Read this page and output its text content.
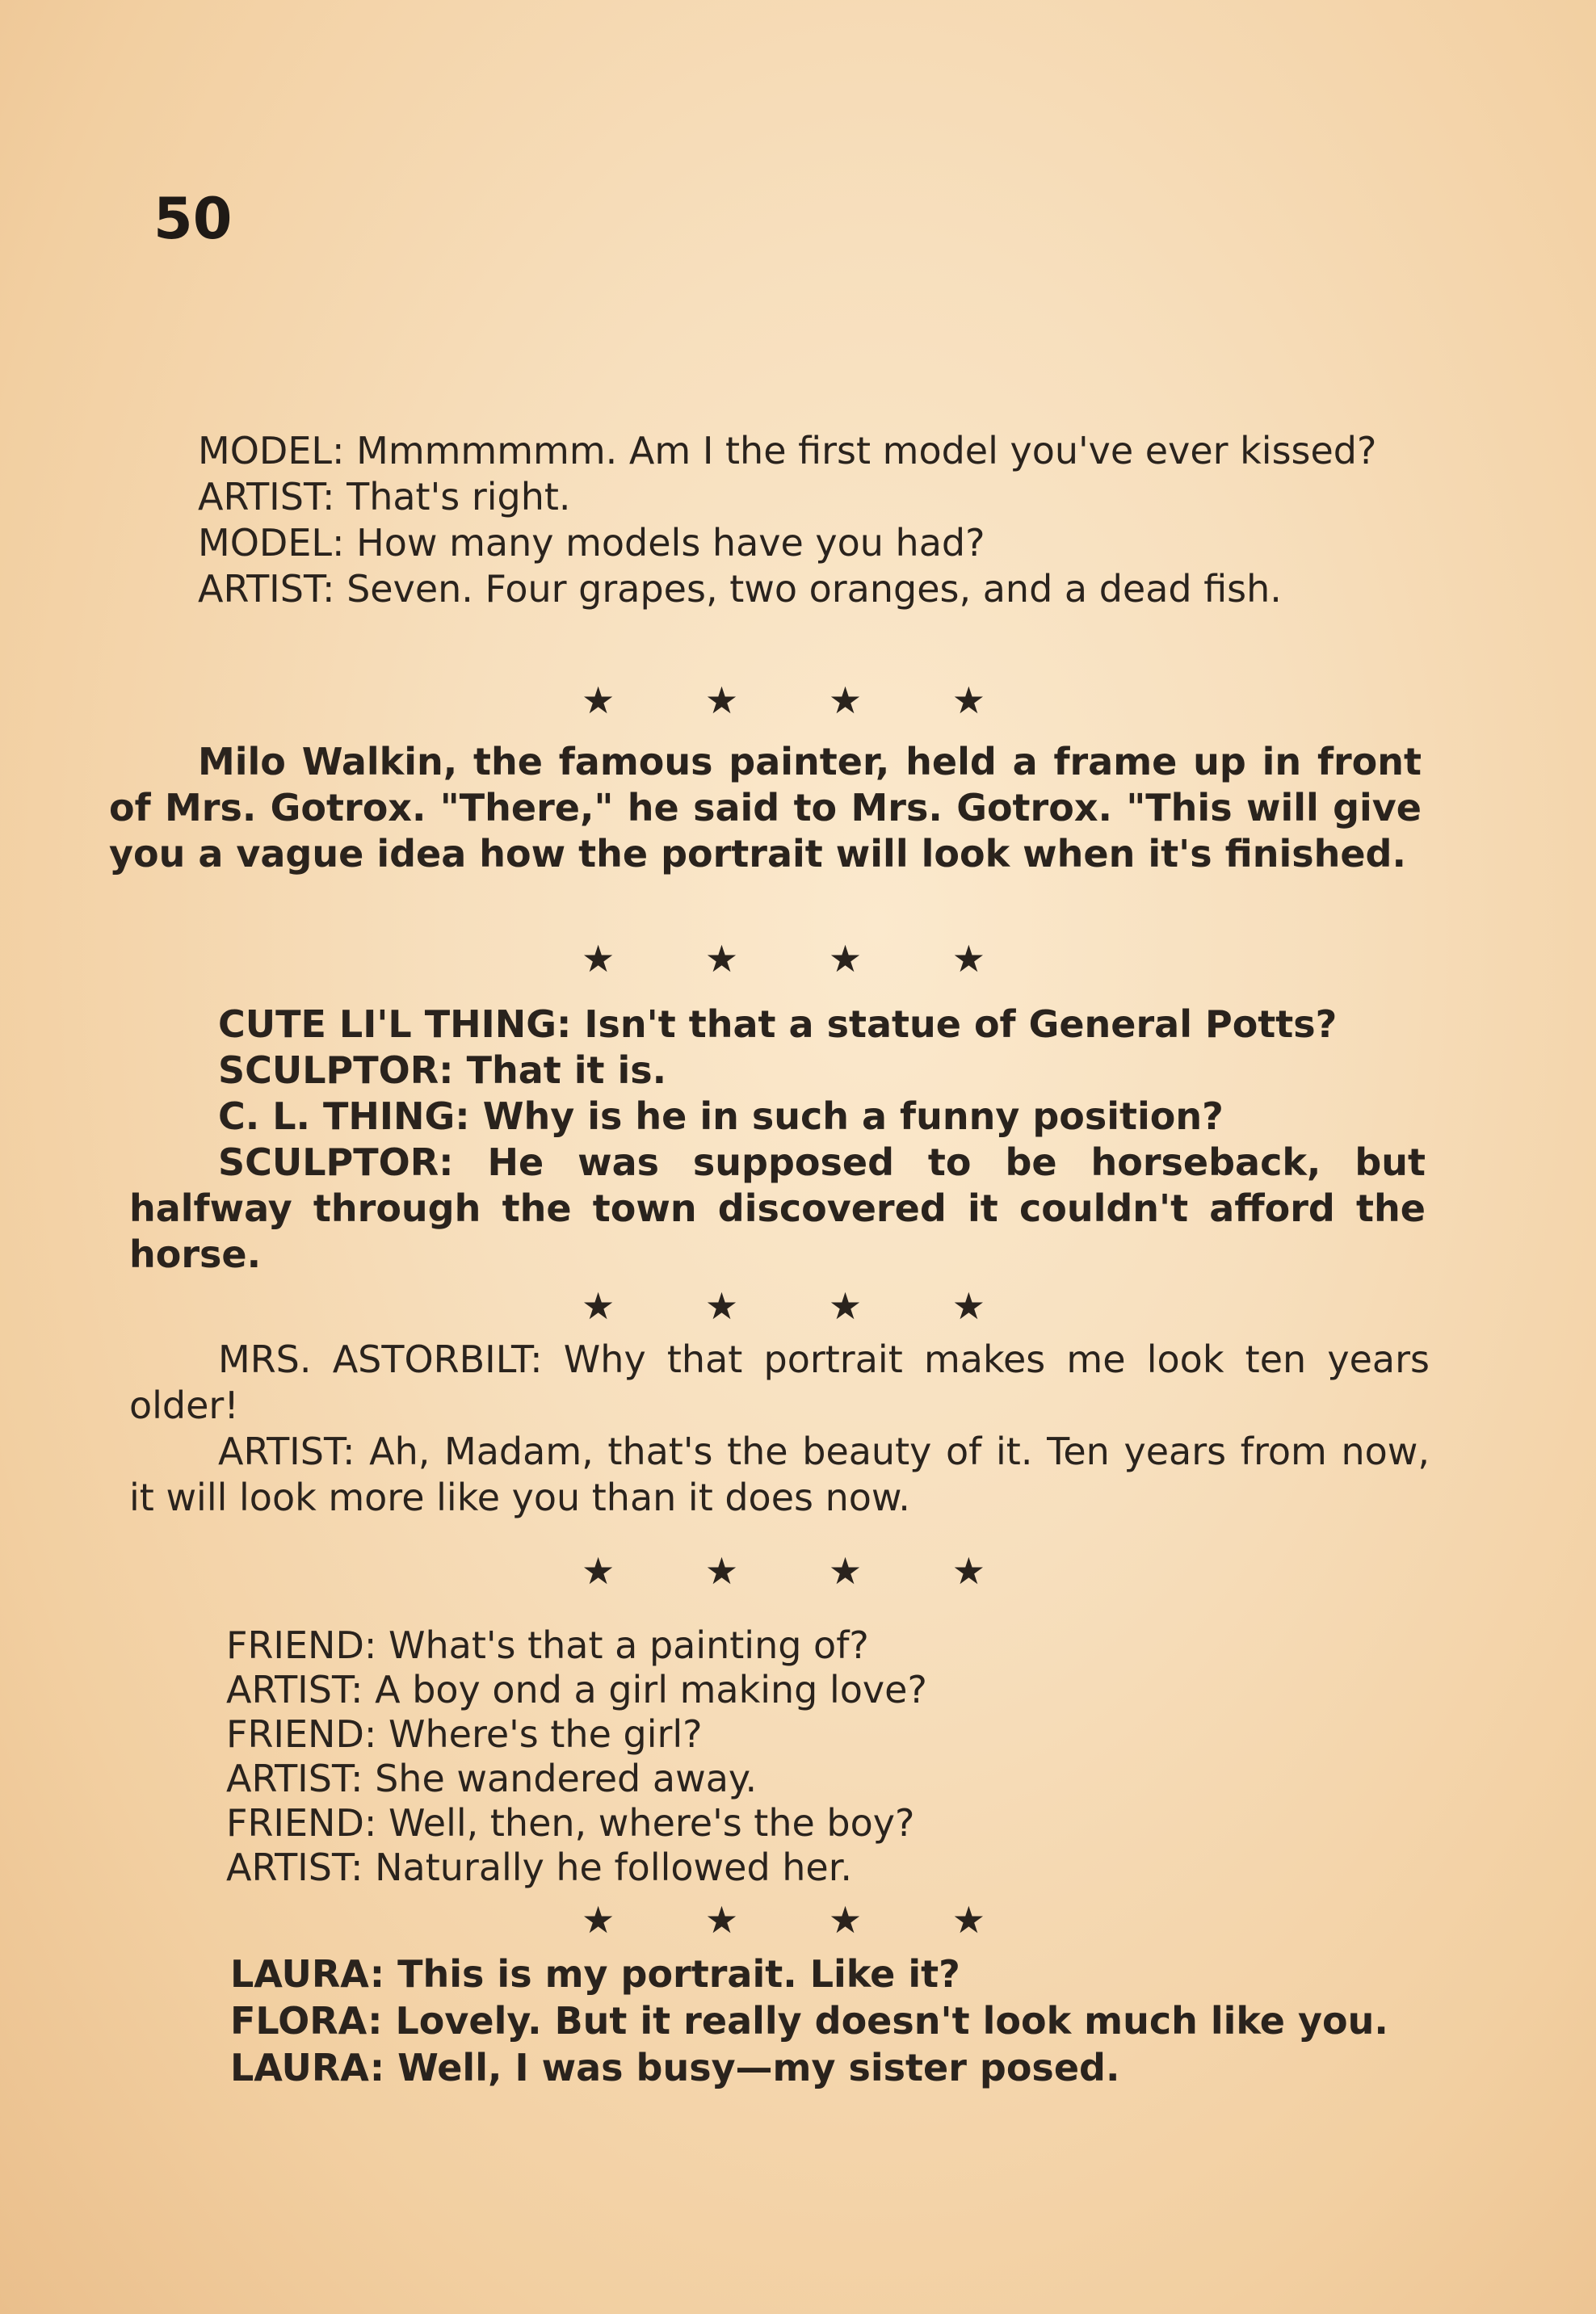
50

MODEL: Mmmmmmm. Am I the first model you've ever kissed?

ARTIST: That's right.

MODEL: How many models have you had?

ARTIST: Seven. Four grapes, two oranges, and a dead fish.

★ ★ ★ ★

Milo Walkin, the famous painter, held a frame up in front of Mrs. Gotrox. "There," he said to Mrs. Gotrox. "This will give you a vague idea how the portrait will look when it's finished.

★ ★ ★ ★

CUTE LI'L THING: Isn't that a statue of General Potts?

SCULPTOR: That it is.

C. L. THING: Why is he in such a funny position?

SCULPTOR: He was supposed to be horseback, but halfway through the town discovered it couldn't afford the horse.

★ ★ ★ ★

MRS. ASTORBILT: Why that portrait makes me look ten years older!

ARTIST: Ah, Madam, that's the beauty of it. Ten years from now, it will look more like you than it does now.

★ ★ ★ ★

FRIEND: What's that a painting of?

ARTIST: A boy ond a girl making love?

FRIEND: Where's the girl?

ARTIST: She wandered away.

FRIEND: Well, then, where's the boy?

ARTIST: Naturally he followed her.

★ ★ ★ ★

LAURA: This is my portrait. Like it?

FLORA: Lovely. But it really doesn't look much like you.

LAURA: Well, I was busy—my sister posed.
